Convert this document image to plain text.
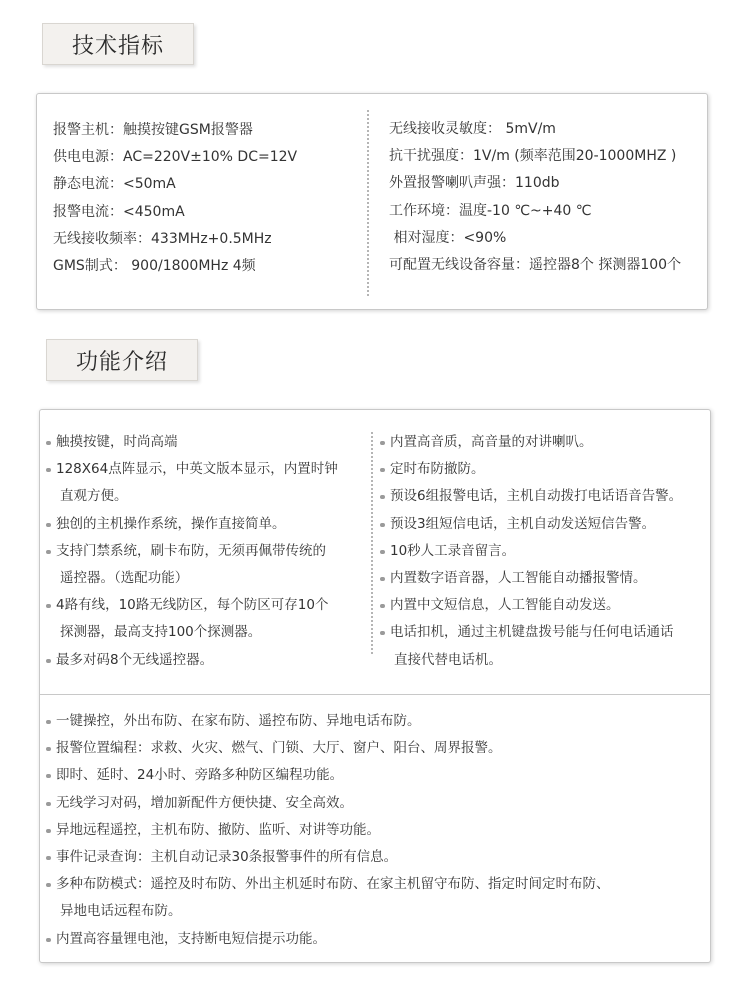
技术指标
报警主机：触摸按键GSM报警器
供电电源：AC=220V±10% DC=12V
静态电流：<50mA
报警电流：<450mA
无线接收频率：433MHz+0.5MHz
GMS制式： 900/1800MHz 4频
无线接收灵敏度： 5mV/m
抗干扰强度：1V/m (频率范围20-1000MHZ )
外置报警喇叭声强：110db
工作环境：温度-10 ℃~+40 ℃
相对湿度：<90%
可配置无线设备容量：遥控器8个 探测器100个
功能介绍
触摸按键，时尚高端
128X64点阵显示，中英文版本显示，内置时钟
直观方便。
独创的主机操作系统，操作直接简单。
支持门禁系统，刷卡布防，无须再佩带传统的
遥控器。（选配功能）
4路有线，10路无线防区，每个防区可存10个
探测器，最高支持100个探测器。
最多对码8个无线遥控器。
内置高音质，高音量的对讲喇叭。
定时布防撤防。
预设6组报警电话，主机自动拨打电话语音告警。
预设3组短信电话，主机自动发送短信告警。
10秒人工录音留言。
内置数字语音器，人工智能自动播报警情。
内置中文短信息，人工智能自动发送。
电话扣机，通过主机键盘拨号能与任何电话通话
直接代替电话机。
一键操控，外出布防、在家布防、遥控布防、异地电话布防。
报警位置编程：求救、火灾、燃气、门锁、大厅、窗户、阳台、周界报警。
即时、延时、24小时、旁路多种防区编程功能。
无线学习对码，增加新配件方便快捷、安全高效。
异地远程遥控，主机布防、撤防、监听、对讲等功能。
事件记录查询：主机自动记录30条报警事件的所有信息。
多种布防模式：遥控及时布防、外出主机延时布防、在家主机留守布防、指定时间定时布防、
异地电话远程布防。
内置高容量锂电池，支持断电短信提示功能。
